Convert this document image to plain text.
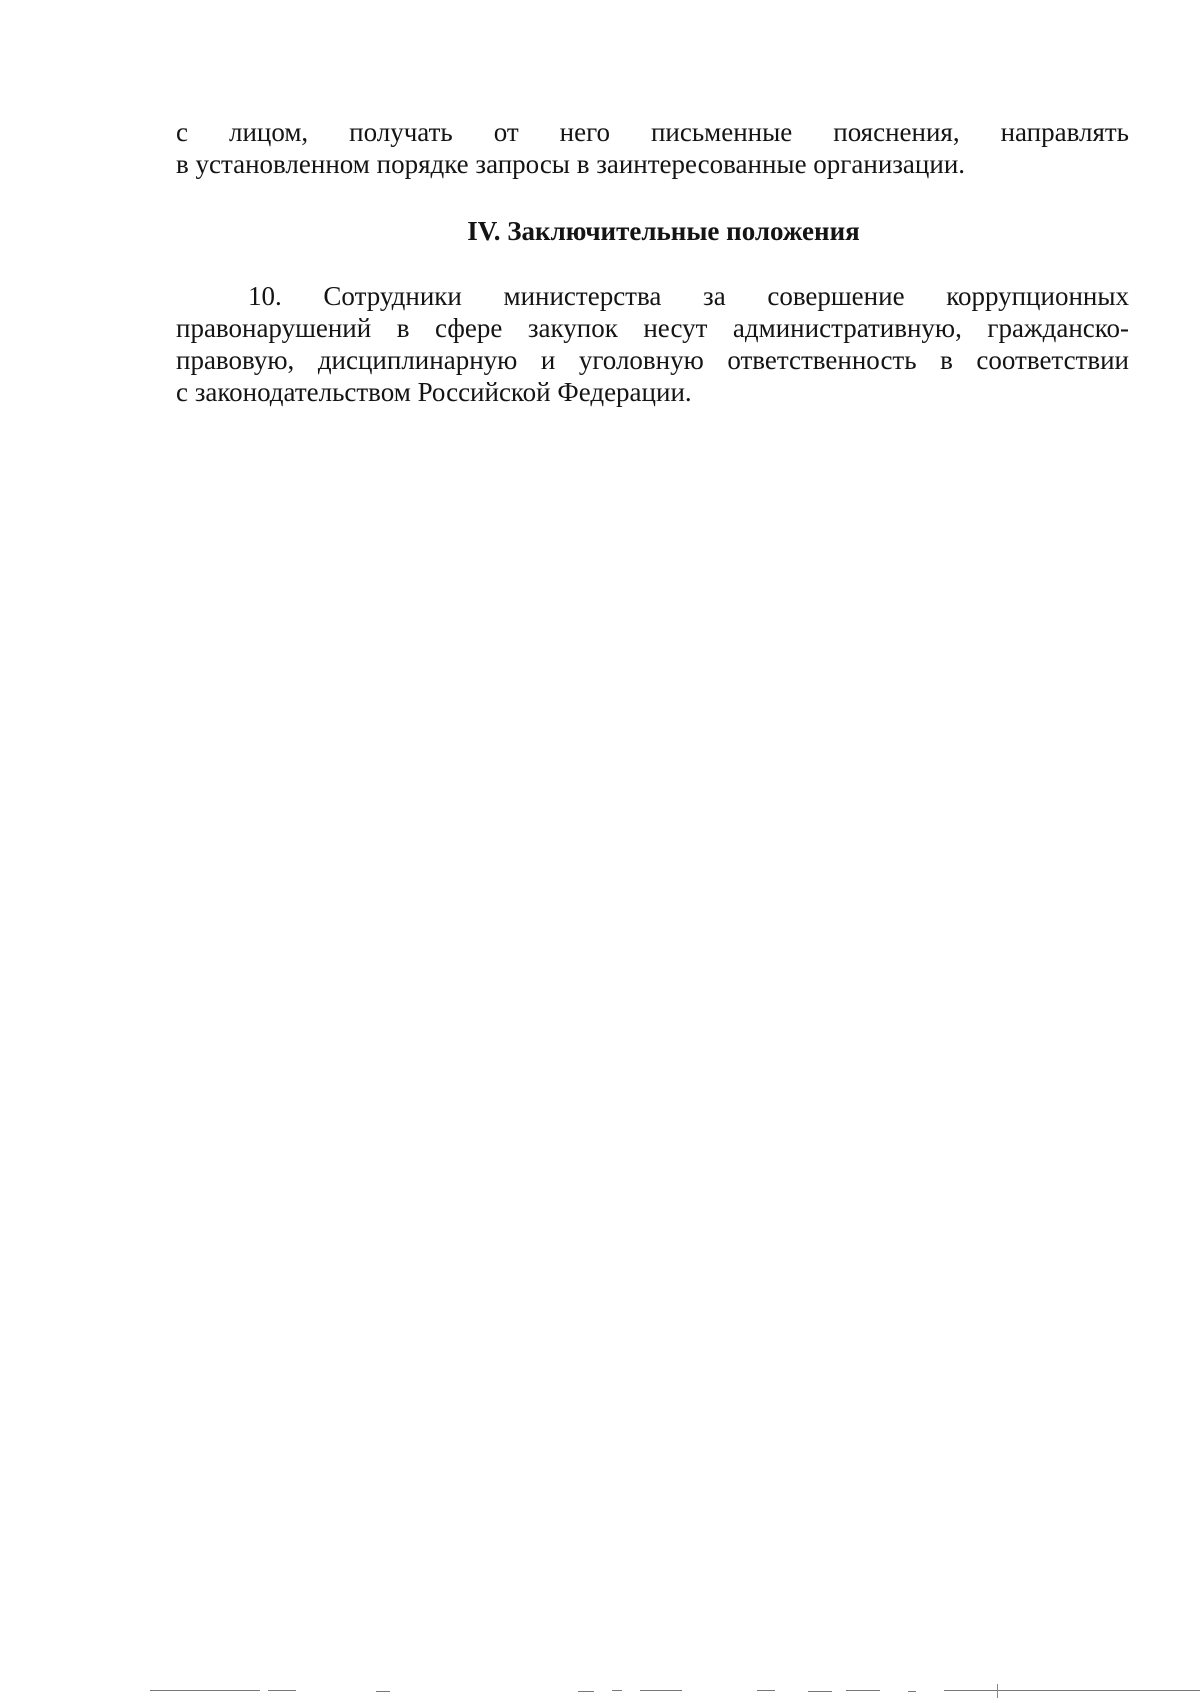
с лицом, получать от него письменные пояснения, направлять
в установленном порядке запросы в заинтересованные организации.
IV. Заключительные положения
10. Сотрудники министерства за совершение коррупционных
правонарушений в сфере закупок несут административную, гражданско-
правовую, дисциплинарную и уголовную ответственность в соответствии
с законодательством Российской Федерации.
